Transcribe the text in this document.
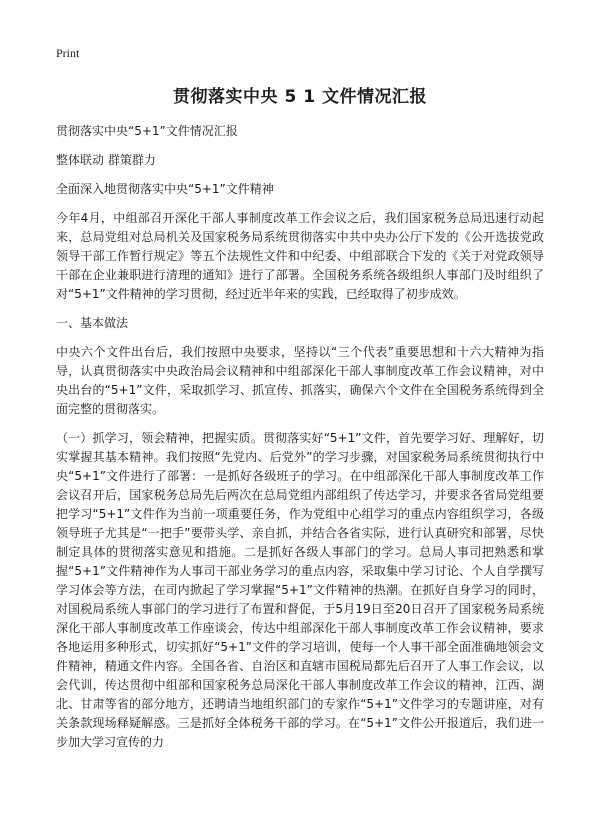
Print
贯彻落实中央 5 1 文件情况汇报

贯彻落实中央“5+1”文件情况汇报

整体联动 群策群力

全面深入地贯彻落实中央“5+1”文件精神

今年4月，中组部召开深化干部人事制度改革工作会议之后，我们国家税务总局迅速行动起来，总局党组对总局机关及国家税务局系统贯彻落实中共中央办公厅下发的《公开选拔党政领导干部工作暂行规定》等五个法规性文件和中纪委、中组部联合下发的《关于对党政领导干部在企业兼职进行清理的通知》进行了部署。全国税务系统各级组织人事部门及时组织了对“5+1”文件精神的学习贯彻，经过近半年来的实践，已经取得了初步成效。

一、基本做法

中央六个文件出台后，我们按照中央要求，坚持以“三个代表”重要思想和十六大精神为指导，认真贯彻落实中央政治局会议精神和中组部深化干部人事制度改革工作会议精神，对中央出台的“5+1”文件，采取抓学习、抓宣传、抓落实，确保六个文件在全国税务系统得到全面完整的贯彻落实。

（一）抓学习，领会精神，把握实质。贯彻落实好“5+1”文件，首先要学习好、理解好，切实掌握其基本精神。我们按照“先党内、后党外”的学习步骤，对国家税务局系统贯彻执行中央“5+1”文件进行了部署：一是抓好各级班子的学习。在中组部深化干部人事制度改革工作会议召开后，国家税务总局先后两次在总局党组内部组织了传达学习，并要求各省局党组要把学习“5+1”文件作为当前一项重要任务，作为党组中心组学习的重点内容组织学习，各级领导班子尤其是“一把手”要带头学、亲自抓，并结合各省实际，进行认真研究和部署，尽快制定具体的贯彻落实意见和措施。二是抓好各级人事部门的学习。总局人事司把熟悉和掌握“5+1”文件精神作为人事司干部业务学习的重点内容，采取集中学习讨论、个人自学撰写学习体会等方法，在司内掀起了学习掌握“5+1”文件精神的热潮。在抓好自身学习的同时，对国税局系统人事部门的学习进行了布置和督促，于5月19日至20日召开了国家税务局系统深化干部人事制度改革工作座谈会，传达中组部深化干部人事制度改革工作会议精神，要求各地运用多种形式，切实抓好“5+1”文件的学习培训，使每一个人事干部全面准确地领会文件精神，精通文件内容。全国各省、自治区和直辖市国税局都先后召开了人事工作会议，以会代训，传达贯彻中组部和国家税务总局深化干部人事制度改革工作会议的精神，江西、湖北、甘肃等省的部分地方，还聘请当地组织部门的专家作“5+1”文件学习的专题讲座，对有关条款现场释疑解惑。三是抓好全体税务干部的学习。在“5+1”文件公开报道后，我们进一步加大学习宣传的力
